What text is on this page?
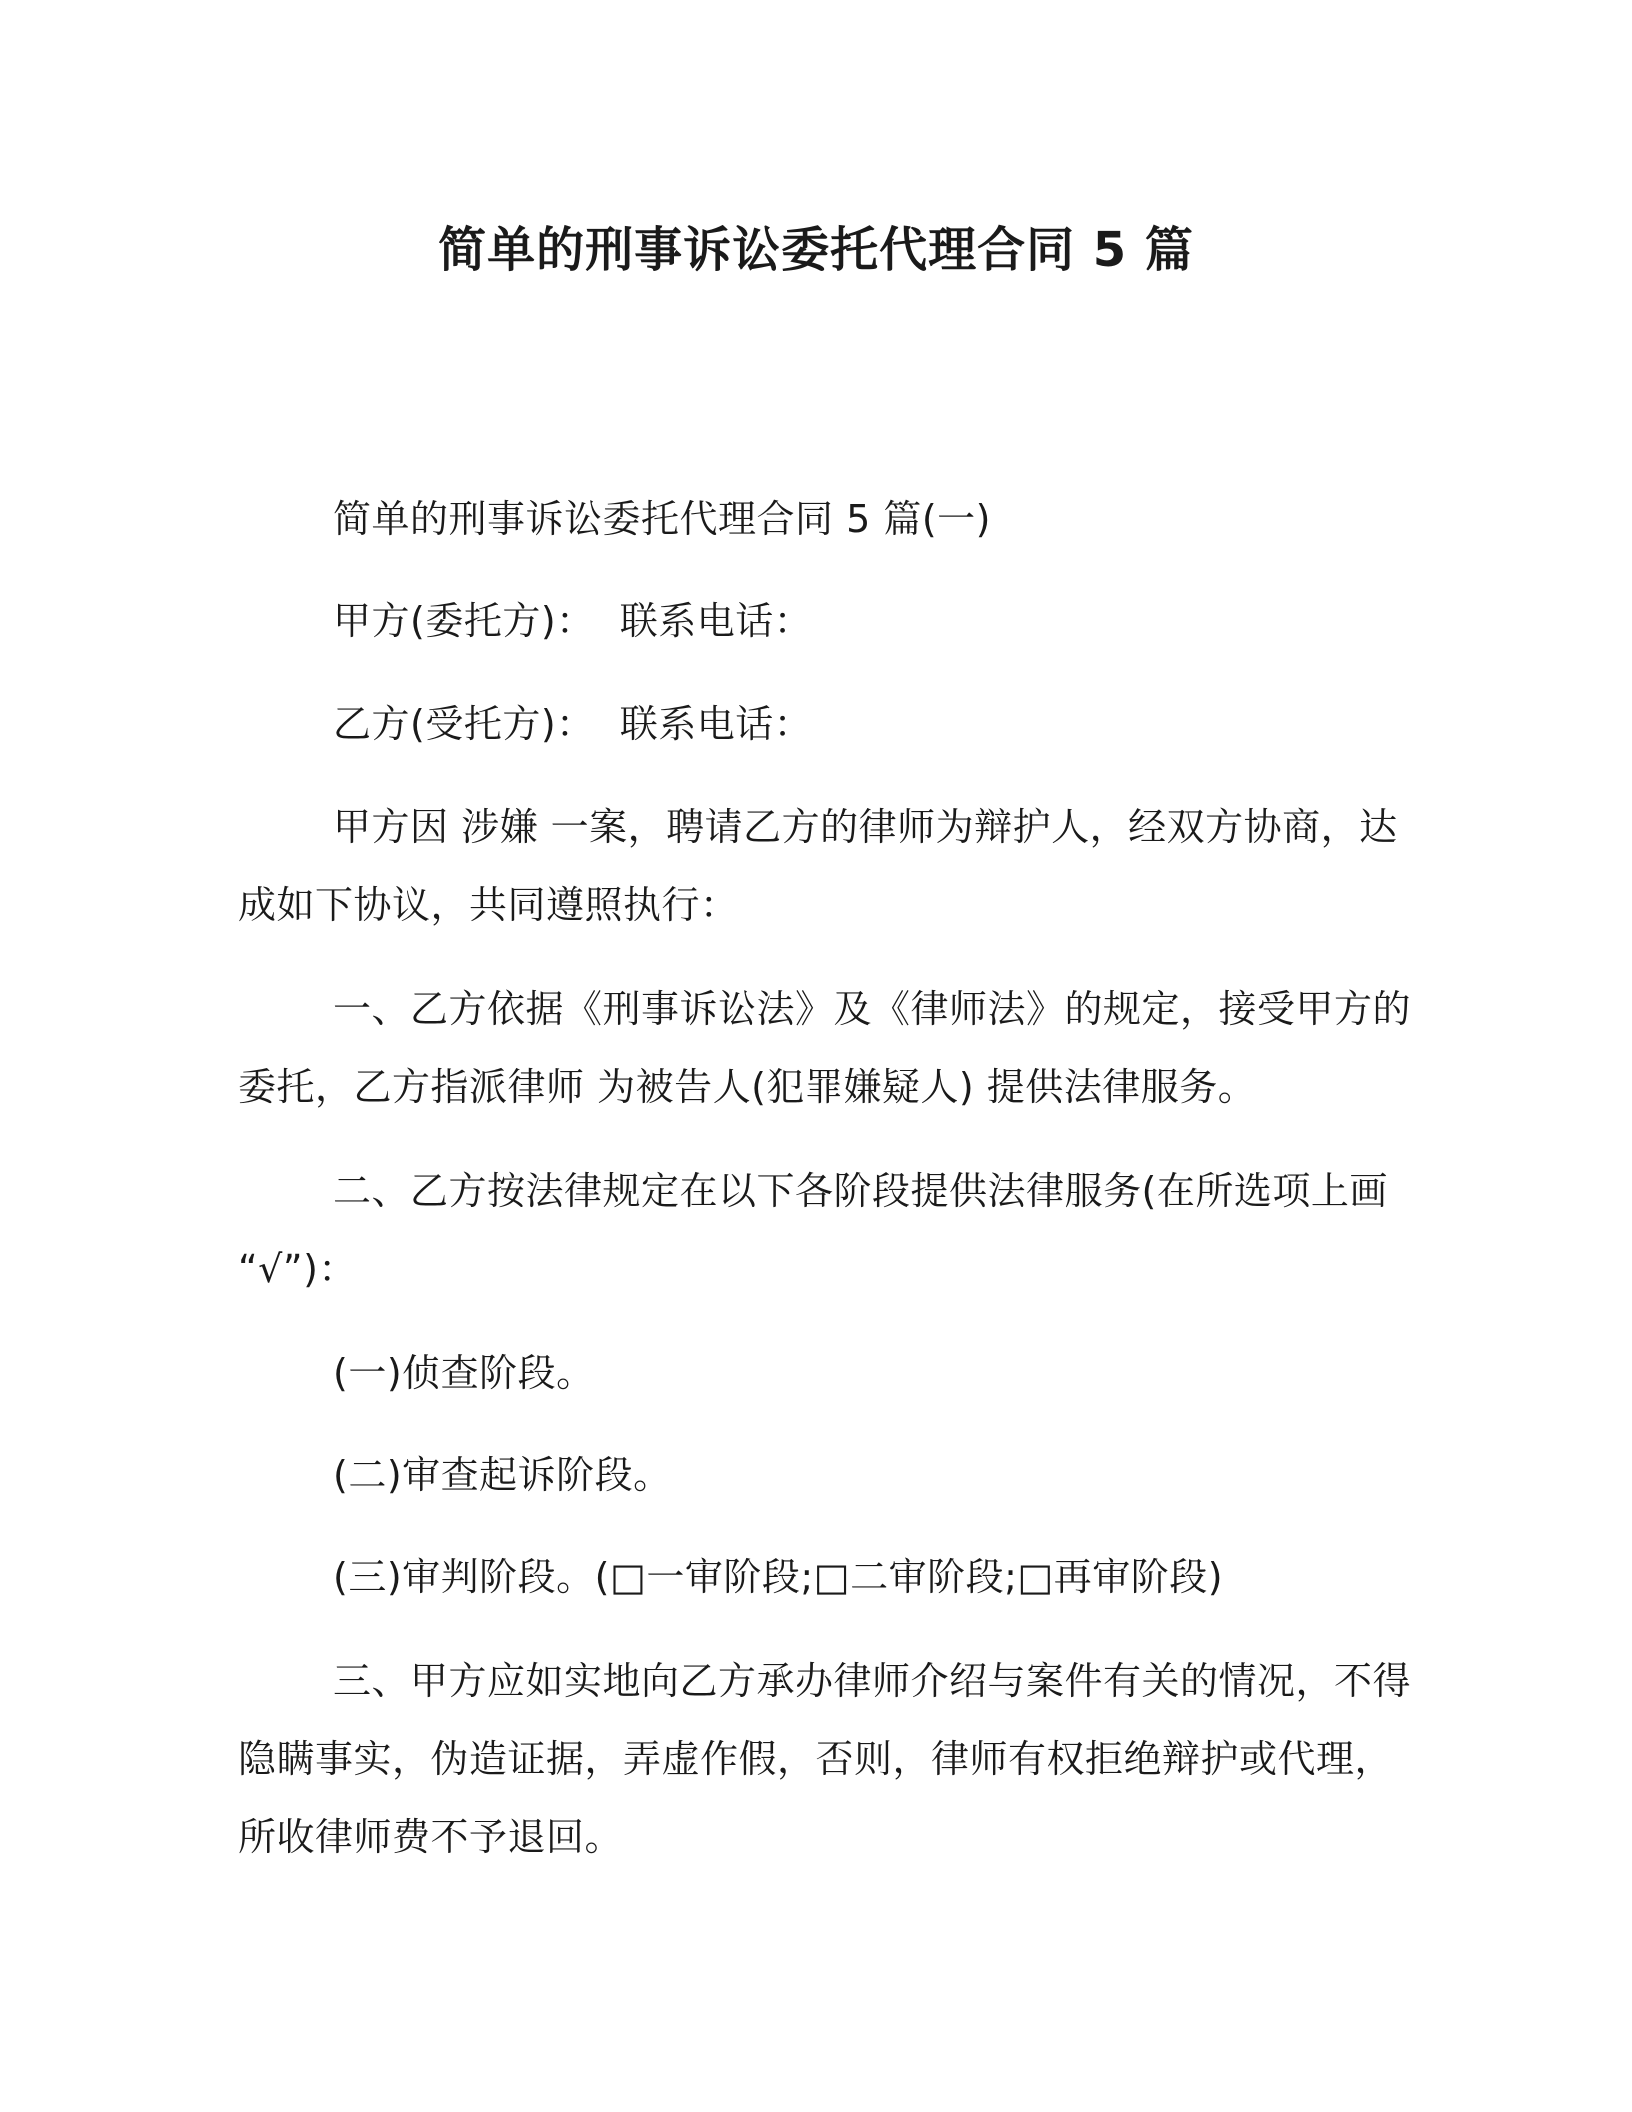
简单的刑事诉讼委托代理合同 5 篇
简单的刑事诉讼委托代理合同 5 篇(一)
甲方(委托方)：  联系电话：
乙方(受托方)：  联系电话：
甲方因 涉嫌 一案，聘请乙方的律师为辩护人，经双方协商，达
成如下协议，共同遵照执行：
一、乙方依据《刑事诉讼法》及《律师法》的规定，接受甲方的
委托，乙方指派律师 为被告人(犯罪嫌疑人) 提供法律服务。
二、乙方按法律规定在以下各阶段提供法律服务(在所选项上画
“√”)：
(一)侦查阶段。
(二)审查起诉阶段。
(三)审判阶段。(□一审阶段;□二审阶段;□再审阶段)
三、甲方应如实地向乙方承办律师介绍与案件有关的情况，不得
隐瞒事实，伪造证据，弄虚作假，否则，律师有权拒绝辩护或代理，
所收律师费不予退回。
